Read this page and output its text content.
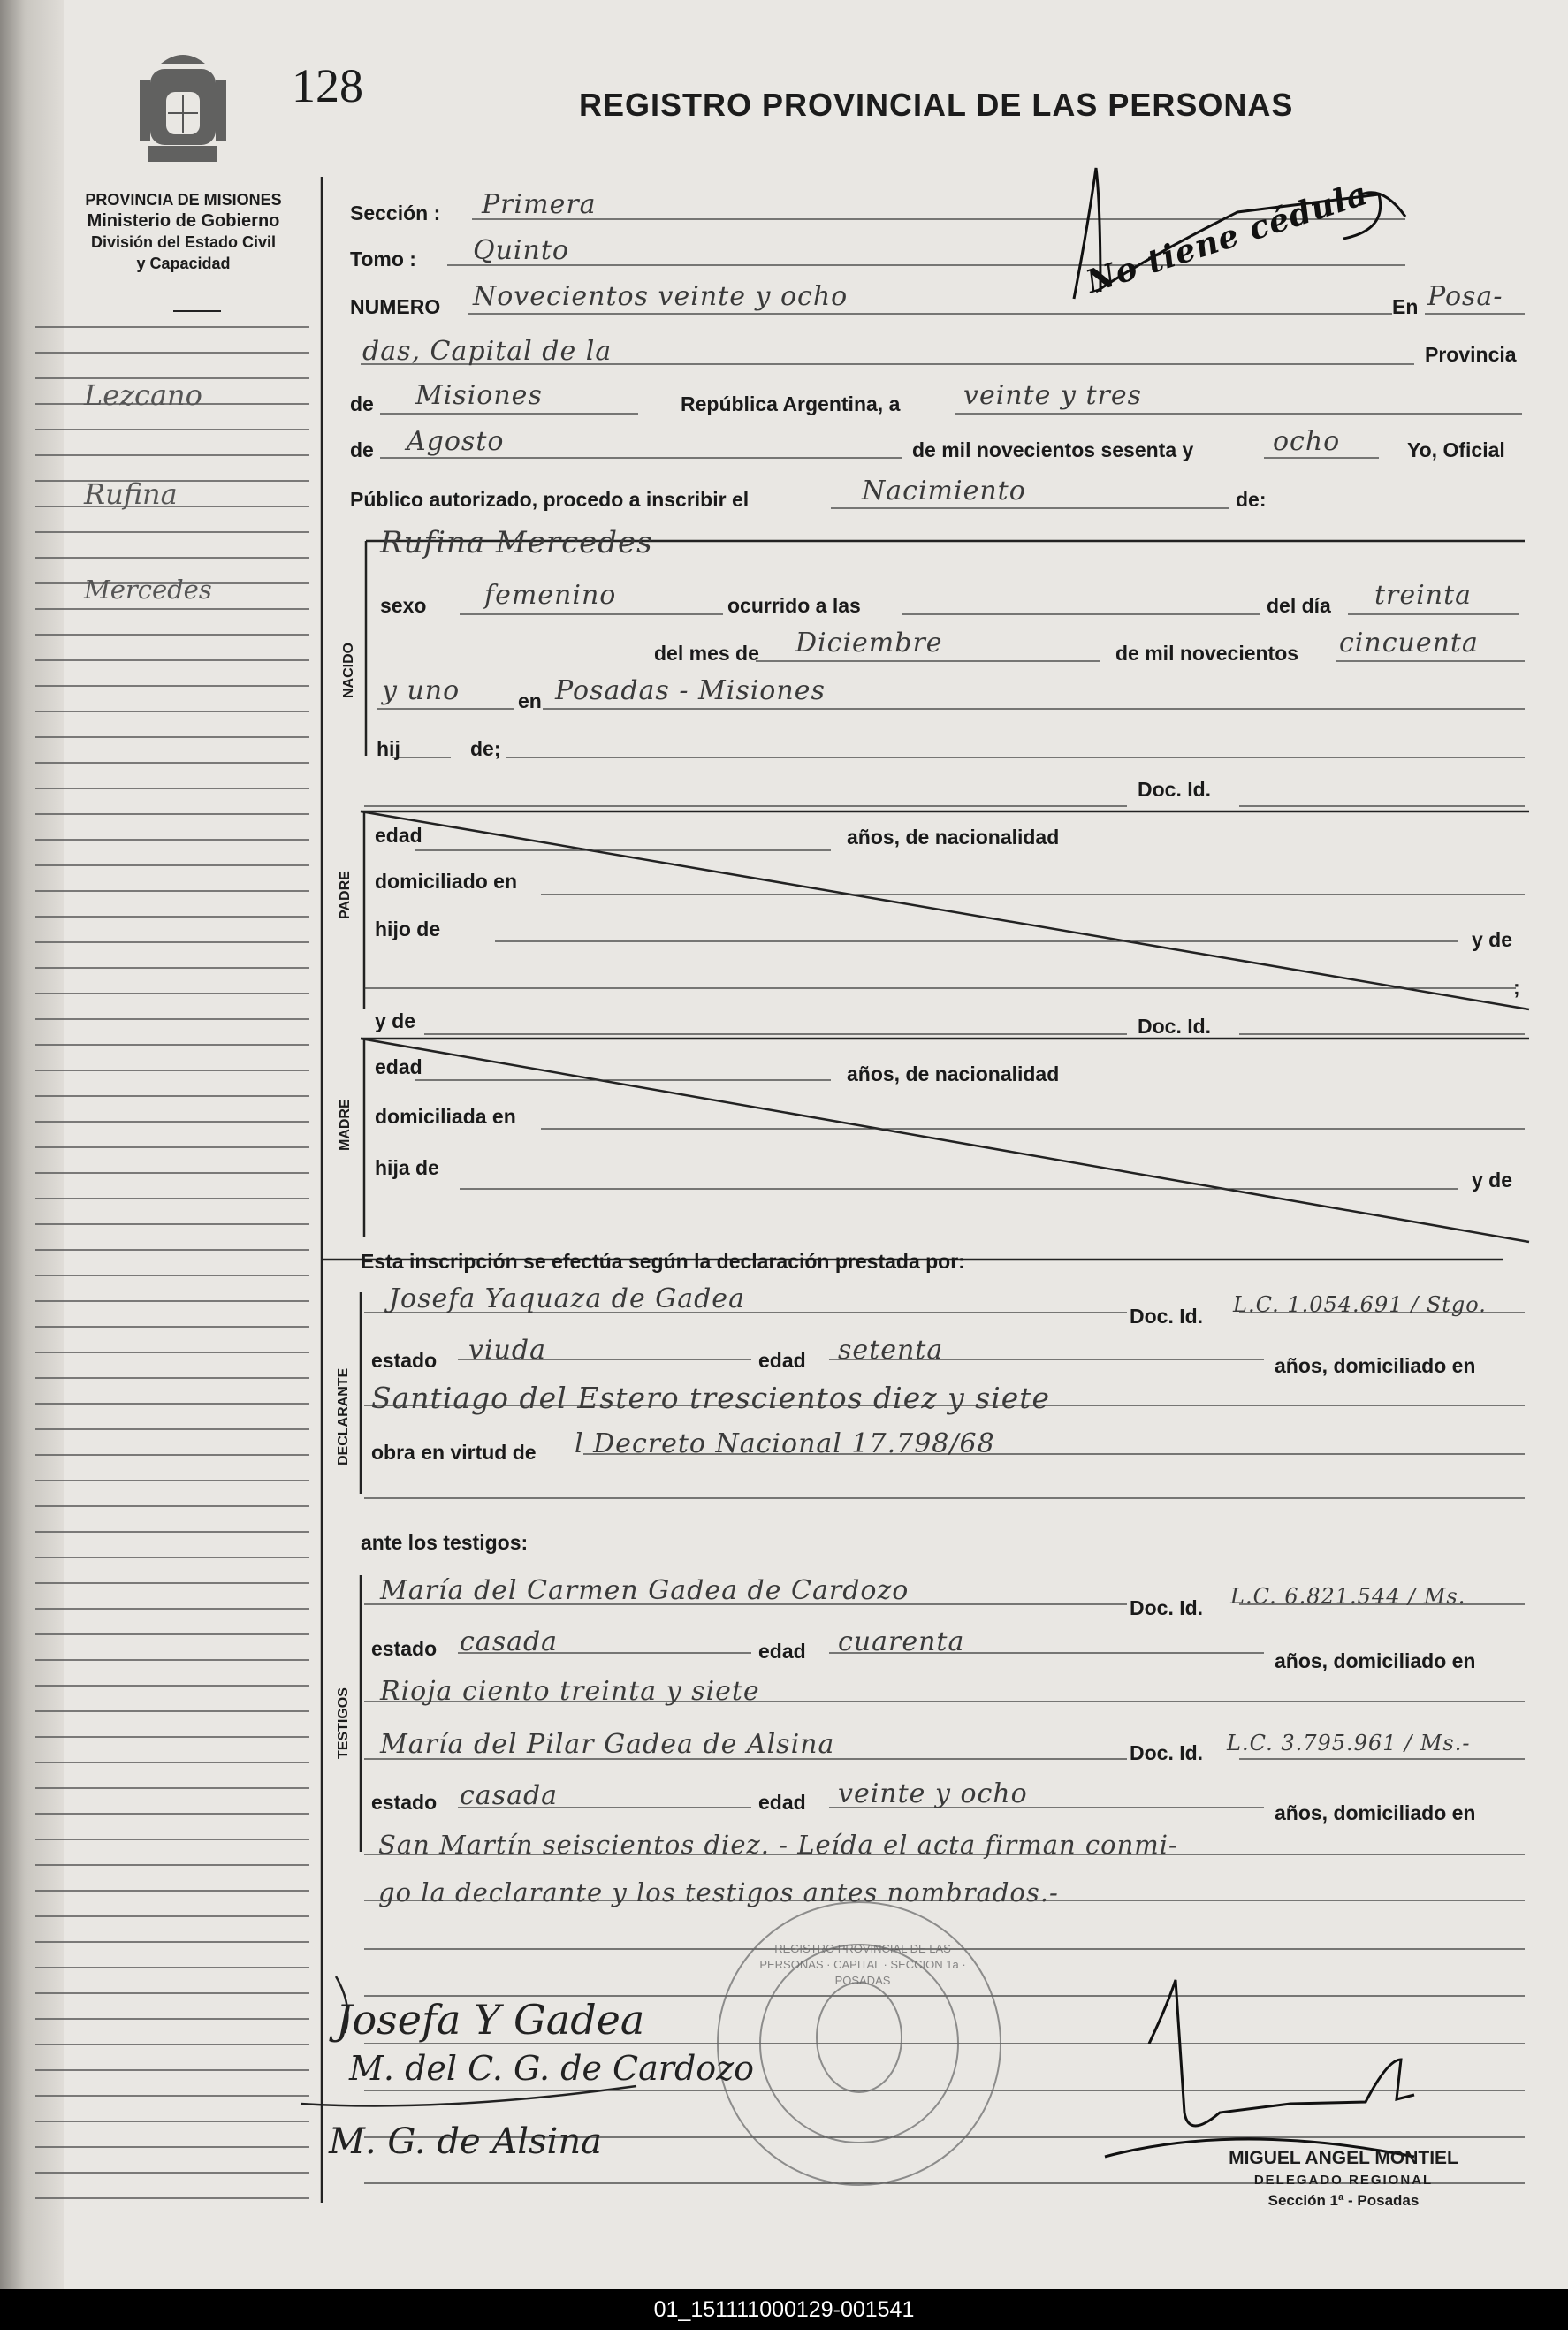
128	REGISTRO PROVINCIAL DE LAS PERSONAS
PROVINCIA DE MISIONES
Ministerio de Gobierno
División del Estado Civil
y Capacidad
Lezcano
Rufina
Mercedes
No tiene cédula
Sección : Primera
Tomo : Quinto
NUMERO Novecientos veinte y ocho	En Posa-
das, Capital de la	Provincia
de Misiones	República Argentina, a veinte y tres
de Agosto	de mil novecientos sesenta y	ocho	Yo, Oficial
Público autorizado, procedo a inscribir el	Nacimiento	de:
NACIDO
Rufina Mercedes
sexo femenino	ocurrido a las	del día treinta
del mes de Diciembre	de mil novecientos cincuenta
y uno	en Posadas - Misiones
hij	de;
PADRE
Doc. Id.
edad	años, de nacionalidad
domiciliado en
hijo de	y de
;
MADRE
y de	Doc. Id.
edad	años, de nacionalidad
domiciliada en
hija de
y de
Esta inscripción se efectúa según la declaración prestada por:
DECLARANTE
Josefa Yaquaza de Gadea
Doc. Id. L.C. 1.054.691 / Stgo.
estado viuda	edad setenta	años, domiciliado en
Santiago del Estero trescientos diez y siete
obra en virtud de l Decreto Nacional 17.798/68
ante los testigos:
TESTIGOS
María del Carmen Gadea de Cardozo
Doc. Id. L.C. 6.821.544 / Ms.
estado casada	edad cuarenta
años, domiciliado en
Rioja ciento treinta y siete
María del Pilar Gadea de Alsina	Doc. Id. L.C. 3.795.961 / Ms.-
estado casada	edad veinte y ocho
años, domiciliado en
San Martín seiscientos diez. - Leída el acta firman conmi-
go la declarante y los testigos antes nombrados.-
REGISTRO PROVINCIAL DE LAS PERSONAS · CAPITAL · SECCION 1a · POSADAS
Josefa Y Gadea
M. del C. G. de Cardozo
M. G. de Alsina	MIGUEL ANGEL MONTIEL
DELEGADO REGIONAL
Sección 1ª - Posadas
01_151111000129-001541
